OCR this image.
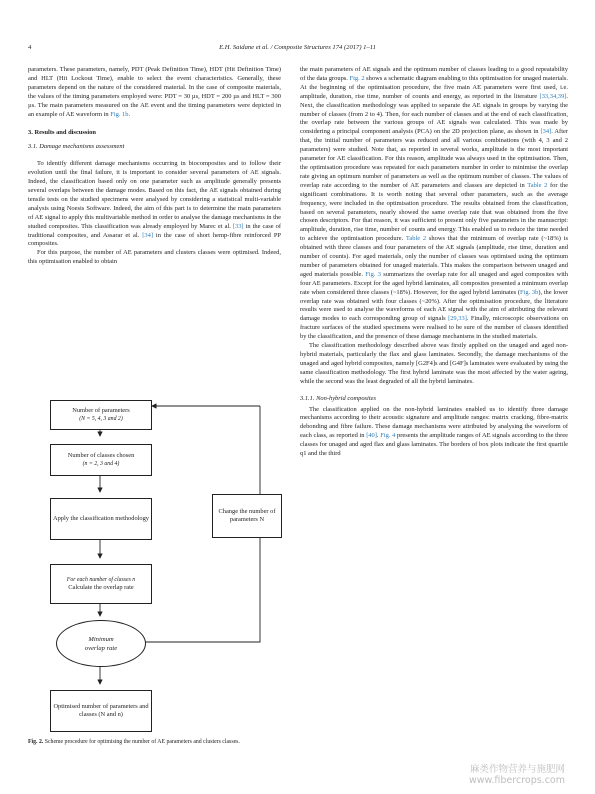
4	E.H. Saidane et al. / Composite Structures 174 (2017) 1–11

parameters. These parameters, namely, PDT (Peak Definition Time), HDT (Hit Definition Time) and HLT (Hit Lockout Time), enable to select the event characteristics. Generally, these parameters depend on the nature of the considered material. In the case of composite materials, the values of the timing parameters employed were: PDT = 30 µs, HDT = 200 µs and HLT = 300 µs. The main parameters measured on the AE event and the timing parameters were depicted in an example of AE waveform in Fig. 1b.

3. Results and discussion

3.1. Damage mechanisms assessment

To identify different damage mechanisms occurring in biocomposites and to follow their evolution until the final failure, it is important to consider several parameters of AE signals. Indeed, the classification based only on one parameter such as amplitude generally presents several overlaps between the damage modes. Based on this fact, the AE signals obtained during tensile tests on the studied specimens were analysed by considering a statistical multi-variable analysis using Noesis Software. Indeed, the aim of this part is to determine the main parameters of AE signal to apply this multivariable method in order to analyse the damage mechanisms in the studied composites. This classification was already employed by Marec et al. [33] in the case of traditional composites, and Assarar et al. [34] in the case of short hemp-fibre reinforced PP composites.

For this purpose, the number of AE parameters and clusters classes were optimised. Indeed, this optimisation enabled to obtain

Number of parameters
(N = 5, 4, 3 and 2)
Number of classes chosen
(n = 2, 3 and 4)
Apply the classification methodology
For each number of classes n
Calculate the overlap rate
Minimum
overlap rate
Optimised number of parameters and classes (N and n)
Change the number of parameters N
Fig. 2. Scheme procedure for optimising the number of AE parameters and clusters classes.

the main parameters of AE signals and the optimum number of classes leading to a good repeatability of the data groups. Fig. 2 shows a schematic diagram enabling to this optimisation for unaged materials. At the beginning of the optimisation procedure, the five main AE parameters were first used, i.e. amplitude, duration, rise time, number of counts and energy, as reported in the literature [33,34,39]. Next, the classification methodology was applied to separate the AE signals in groups by varying the number of classes (from 2 to 4). Then, for each number of classes and at the end of each classification, the overlap rate between the various groups of AE signals was calculated. This was made by considering a principal component analysis (PCA) on the 2D projection plane, as shown in [34]. After that, the initial number of parameters was reduced and all various combinations (with 4, 3 and 2 parameters) were studied. Note that, as reported in several works, amplitude is the most important parameter for AE classification. For this reason, amplitude was always used in the optimisation. Then, the optimisation procedure was repeated for each parameters number in order to minimise the overlap rate giving an optimum number of parameters as well as the optimum number of classes. The values of overlap rate according to the number of AE parameters and classes are depicted in Table 2 for the significant combinations. It is worth noting that several other parameters, such as the average frequency, were included in the optimisation procedure. The results obtained from the classification, based on several parameters, nearly showed the same overlap rate that was obtained from the five chosen descriptors. For that reason, it was sufficient to present only five parameters in the manuscript: amplitude, duration, rise time, number of counts and energy. This enabled us to reduce the time needed to achieve the optimisation procedure. Table 2 shows that the minimum of overlap rate (~18%) is obtained with three classes and four parameters of the AE signals (amplitude, rise time, duration and number of counts). For aged materials, only the number of classes was optimised using the optimum number of parameters obtained for unaged materials. This makes the comparison between unaged and aged materials possible. Fig. 3 summarizes the overlap rate for all unaged and aged composites with four AE parameters. Except for the aged hybrid laminates, all composites presented a minimum overlap rate when considered three classes (~18%). However, for the aged hybrid laminates (Fig. 3b), the lower overlap rate was obtained with four classes (~20%). After the optimisation procedure, the literature results were used to analyse the waveforms of each AE signal with the aim of attributing the relevant damage modes to each corresponding group of signals [29,33]. Finally, microscopic observations on fracture surfaces of the studied specimens were realised to be sure of the number of classes identified by the classification, and the presence of these damage mechanisms in the studied materials.

The classification methodology described above was firstly applied on the unaged and aged non-hybrid materials, particularly the flax and glass laminates. Secondly, the damage mechanisms of the unaged and aged hybrid composites, namely [G2F4]s and [G4F]s laminates were evaluated by using the same classification methodology. The first hybrid laminate was the most affected by the water ageing, while the second was the least degraded of all the hybrid laminates.

3.1.1. Non-hybrid composites

The classification applied on the non-hybrid laminates enabled us to identify three damage mechanisms according to their acoustic signature and amplitude ranges: matrix cracking, fibre-matrix debonding and fibre failure. These damage mechanisms were attributed by analysing the waveform of each class, as reported in [40]. Fig. 4 presents the amplitude ranges of AE signals according to the three classes for unaged and aged flax and glass laminates. The borders of box plots indicate the first quartile q1 and the third

麻类作物营养与施肥网
www.fibercrops.com
